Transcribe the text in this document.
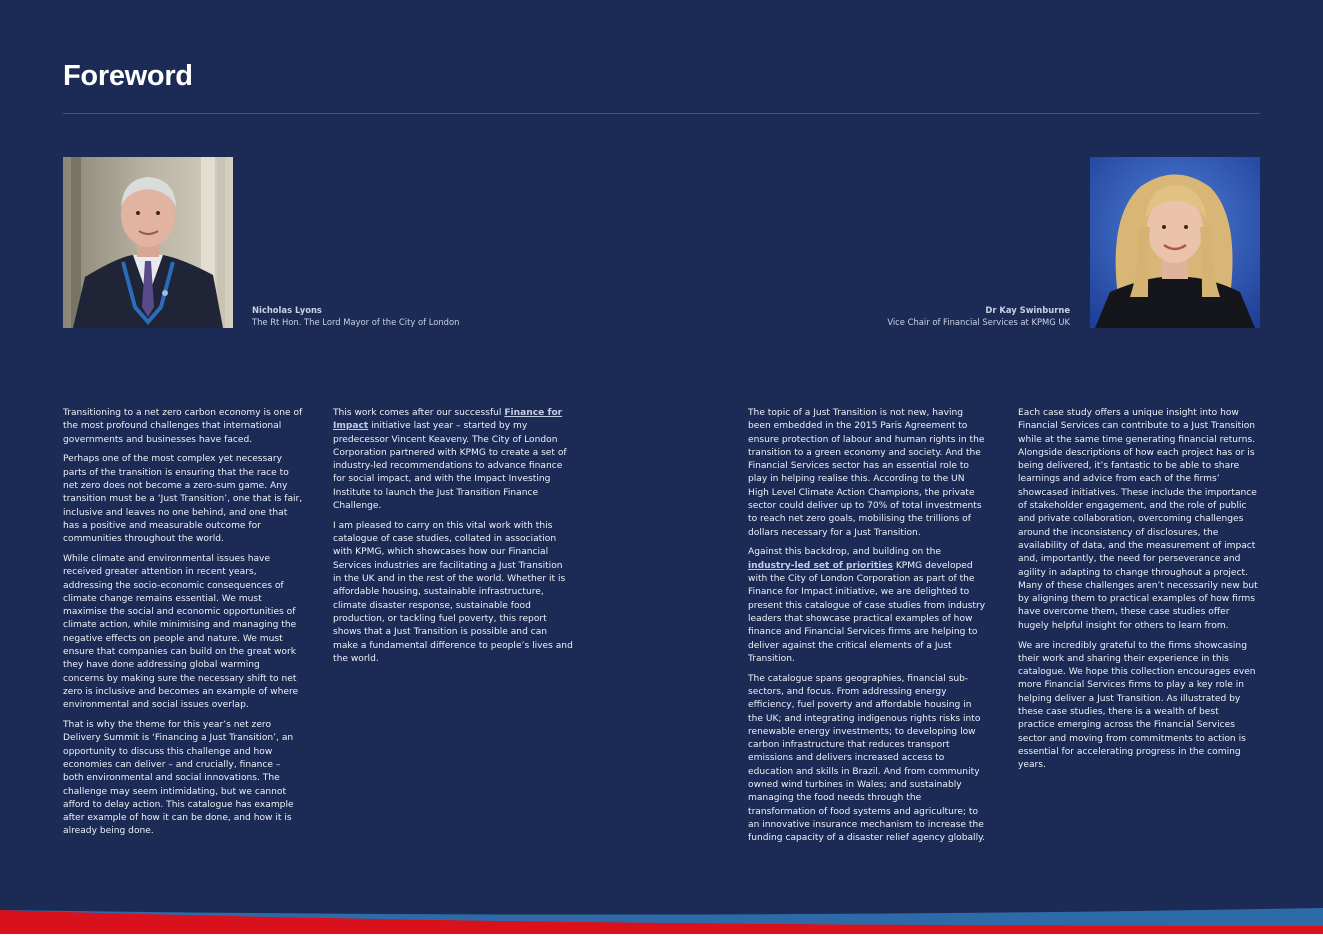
Foreword
Nicholas Lyons
The Rt Hon. The Lord Mayor of the City of London
Dr Kay Swinburne
Vice Chair of Financial Services at KPMG UK

Transitioning to a net zero carbon economy is one of the most profound challenges that international governments and businesses have faced.

Perhaps one of the most complex yet necessary parts of the transition is ensuring that the race to net zero does not become a zero-sum game. Any transition must be a ‘Just Transition’, one that is fair, inclusive and leaves no one behind, and one that has a positive and measurable outcome for communities throughout the world.

While climate and environmental issues have received greater attention in recent years, addressing the socio-economic consequences of climate change remains essential. We must maximise the social and economic opportunities of climate action, while minimising and managing the negative effects on people and nature. We must ensure that companies can build on the great work they have done addressing global warming concerns by making sure the necessary shift to net zero is inclusive and becomes an example of where environmental and social issues overlap.

That is why the theme for this year’s net zero Delivery Summit is ‘Financing a Just Transition’, an opportunity to discuss this challenge and how economies can deliver – and crucially, finance – both environmental and social innovations. The challenge may seem intimidating, but we cannot afford to delay action. This catalogue has example after example of how it can be done, and how it is already being done.

This work comes after our successful Finance for Impact initiative last year – started by my predecessor Vincent Keaveny. The City of London Corporation partnered with KPMG to create a set of industry-led recommendations to advance finance for social impact, and with the Impact Investing Institute to launch the Just Transition Finance Challenge.

I am pleased to carry on this vital work with this catalogue of case studies, collated in association with KPMG, which showcases how our Financial Services industries are facilitating a Just Transition in the UK and in the rest of the world. Whether it is affordable housing, sustainable infrastructure, climate disaster response, sustainable food production, or tackling fuel poverty, this report shows that a Just Transition is possible and can make a fundamental difference to people’s lives and the world.

The topic of a Just Transition is not new, having been embedded in the 2015 Paris Agreement to ensure protection of labour and human rights in the transition to a green economy and society. And the Financial Services sector has an essential role to play in helping realise this. According to the UN High Level Climate Action Champions, the private sector could deliver up to 70% of total investments to reach net zero goals, mobilising the trillions of dollars necessary for a Just Transition.

Against this backdrop, and building on the industry-led set of priorities KPMG developed with the City of London Corporation as part of the Finance for Impact initiative, we are delighted to present this catalogue of case studies from industry leaders that showcase practical examples of how finance and Financial Services firms are helping to deliver against the critical elements of a Just Transition.

The catalogue spans geographies, financial sub-sectors, and focus. From addressing energy efficiency, fuel poverty and affordable housing in the UK; and integrating indigenous rights risks into renewable energy investments; to developing low carbon infrastructure that reduces transport emissions and delivers increased access to education and skills in Brazil. And from community owned wind turbines in Wales; and sustainably managing the food needs through the transformation of food systems and agriculture; to an innovative insurance mechanism to increase the funding capacity of a disaster relief agency globally.

Each case study offers a unique insight into how Financial Services can contribute to a Just Transition while at the same time generating financial returns. Alongside descriptions of how each project has or is being delivered, it’s fantastic to be able to share learnings and advice from each of the firms’ showcased initiatives. These include the importance of stakeholder engagement, and the role of public and private collaboration, overcoming challenges around the inconsistency of disclosures, the availability of data, and the measurement of impact and, importantly, the need for perseverance and agility in adapting to change throughout a project. Many of these challenges aren’t necessarily new but by aligning them to practical examples of how firms have overcome them, these case studies offer hugely helpful insight for others to learn from.

We are incredibly grateful to the firms showcasing their work and sharing their experience in this catalogue. We hope this collection encourages even more Financial Services firms to play a key role in helping deliver a Just Transition. As illustrated by these case studies, there is a wealth of best practice emerging across the Financial Services sector and moving from commitments to action is essential for accelerating progress in the coming years.
